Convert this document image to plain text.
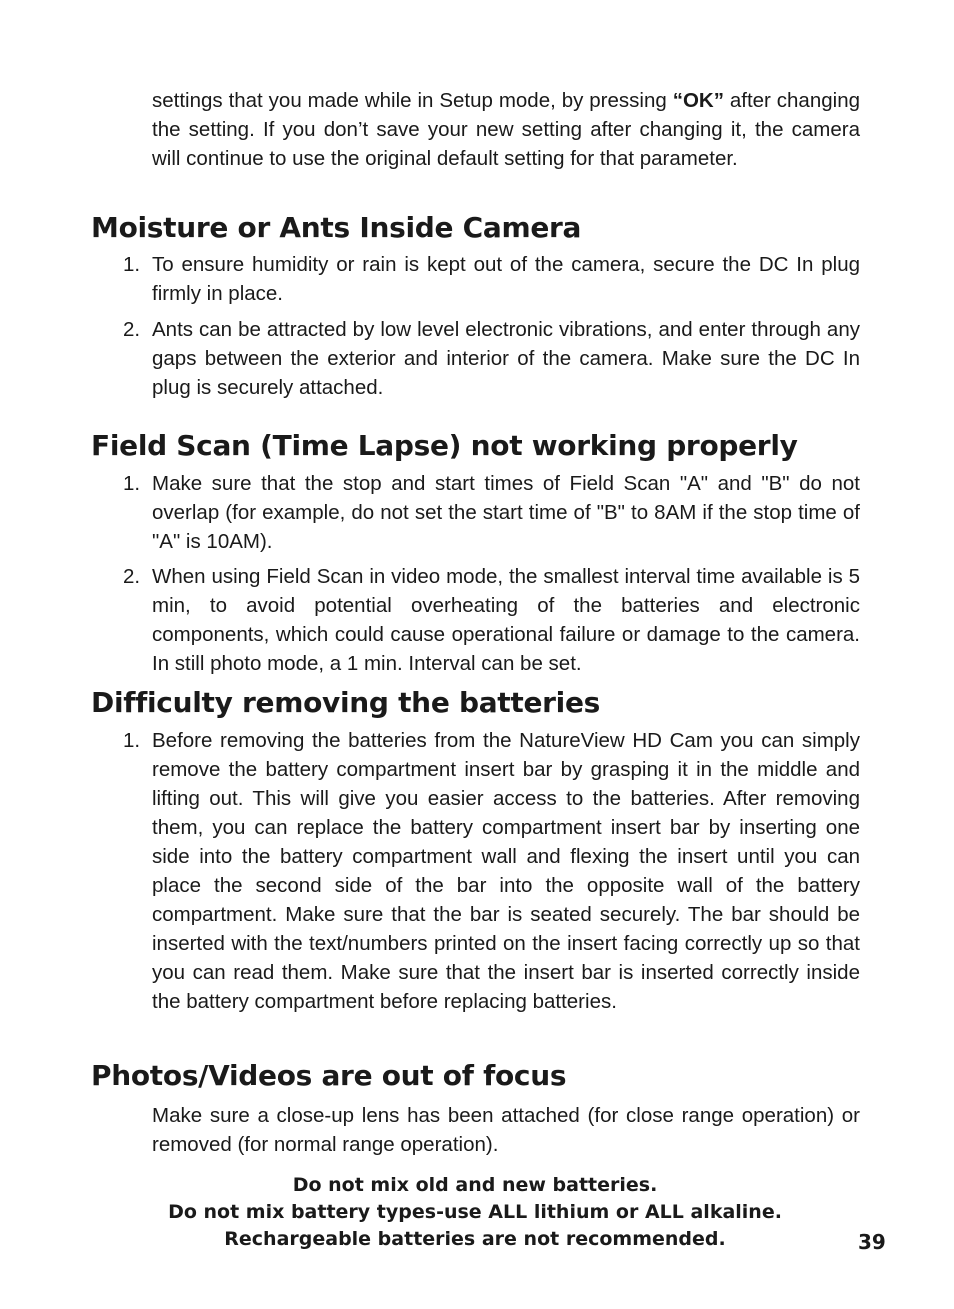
settings that you made while in Setup mode, by pressing “OK” after changing the setting. If you don’t save your new setting after changing it, the camera will continue to use the original default setting for that parameter.

Moisture or Ants Inside Camera

1. To ensure humidity or rain is kept out of the camera, secure the DC In plug firmly in place.

2. Ants can be attracted by low level electronic vibrations, and enter through any gaps between the exterior and interior of the camera. Make sure the DC In plug is securely attached.

Field Scan (Time Lapse) not working properly

1. Make sure that the stop and start times of Field Scan "A" and "B" do not overlap (for example, do not set the start time of "B" to 8AM if the stop time of "A" is 10AM).

2. When using Field Scan in video mode, the smallest interval time available is 5 min, to avoid potential overheating of the batteries and electronic components, which could cause operational failure or damage to the camera. In still photo mode, a 1 min. Interval can be set.

Difficulty removing the batteries

1. Before removing the batteries from the NatureView HD Cam you can simply remove the battery compartment insert bar by grasping it in the middle and lifting out. This will give you easier access to the batteries. After removing them, you can replace the battery compartment insert bar by inserting one side into the battery compartment wall and flexing the insert until you can place the second side of the bar into the opposite wall of the battery compartment. Make sure that the bar is seated securely. The bar should be inserted with the text/numbers printed on the insert facing correctly up so that you can read them. Make sure that the insert bar is inserted correctly inside the battery compartment before replacing batteries.

Photos/Videos are out of focus

Make sure a close-up lens has been attached (for close range operation) or removed (for normal range operation).

Do not mix old and new batteries.
Do not mix battery types-use ALL lithium or ALL alkaline.
Rechargeable batteries are not recommended.	39
